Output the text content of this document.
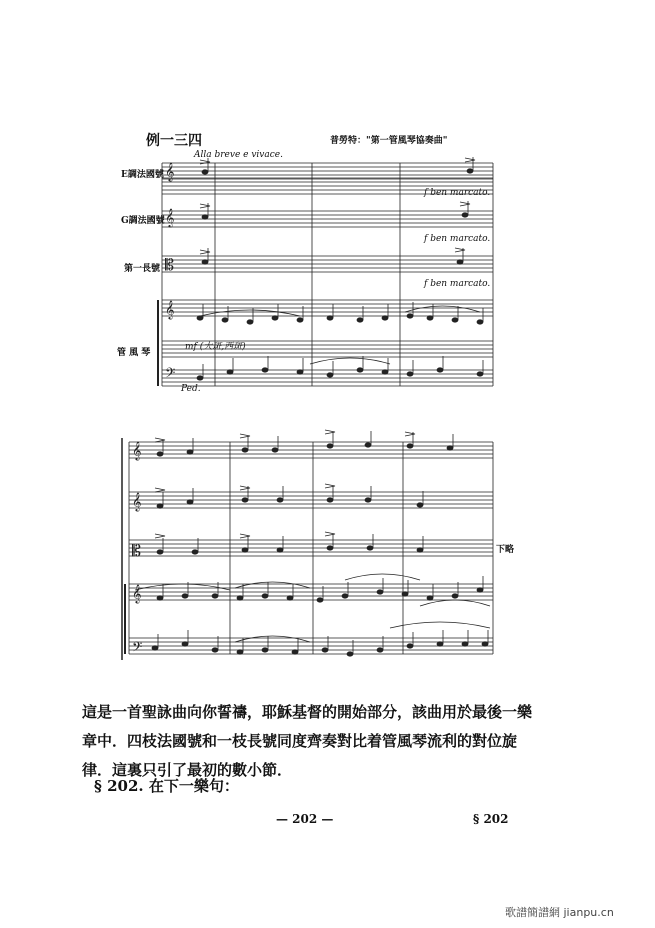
例一三四	普勞特："第一管風琴協奏曲"
Alla breve e vivace.
E調法國號
G調法國號
第一長號
管 風 琴
f ben marcato.
f ben marcato.
f ben marcato.
mf (大斑,西斑)
Ped.
下略
𝄞
𝄞
𝄡
𝄞
𝄢
𝄞
𝄞
𝄡
𝄞
𝄢
這是一首聖詠曲向你誓禱，耶穌基督的開始部分，該曲用於最後一樂
章中．四枝法國號和一枝長號同度齊奏對比着管風琴流利的對位旋
律．這裏只引了最初的數小節．
§ 202. 在下一樂句：
— 202 —	§ 202
歌譜簡譜網 jianpu.cn
